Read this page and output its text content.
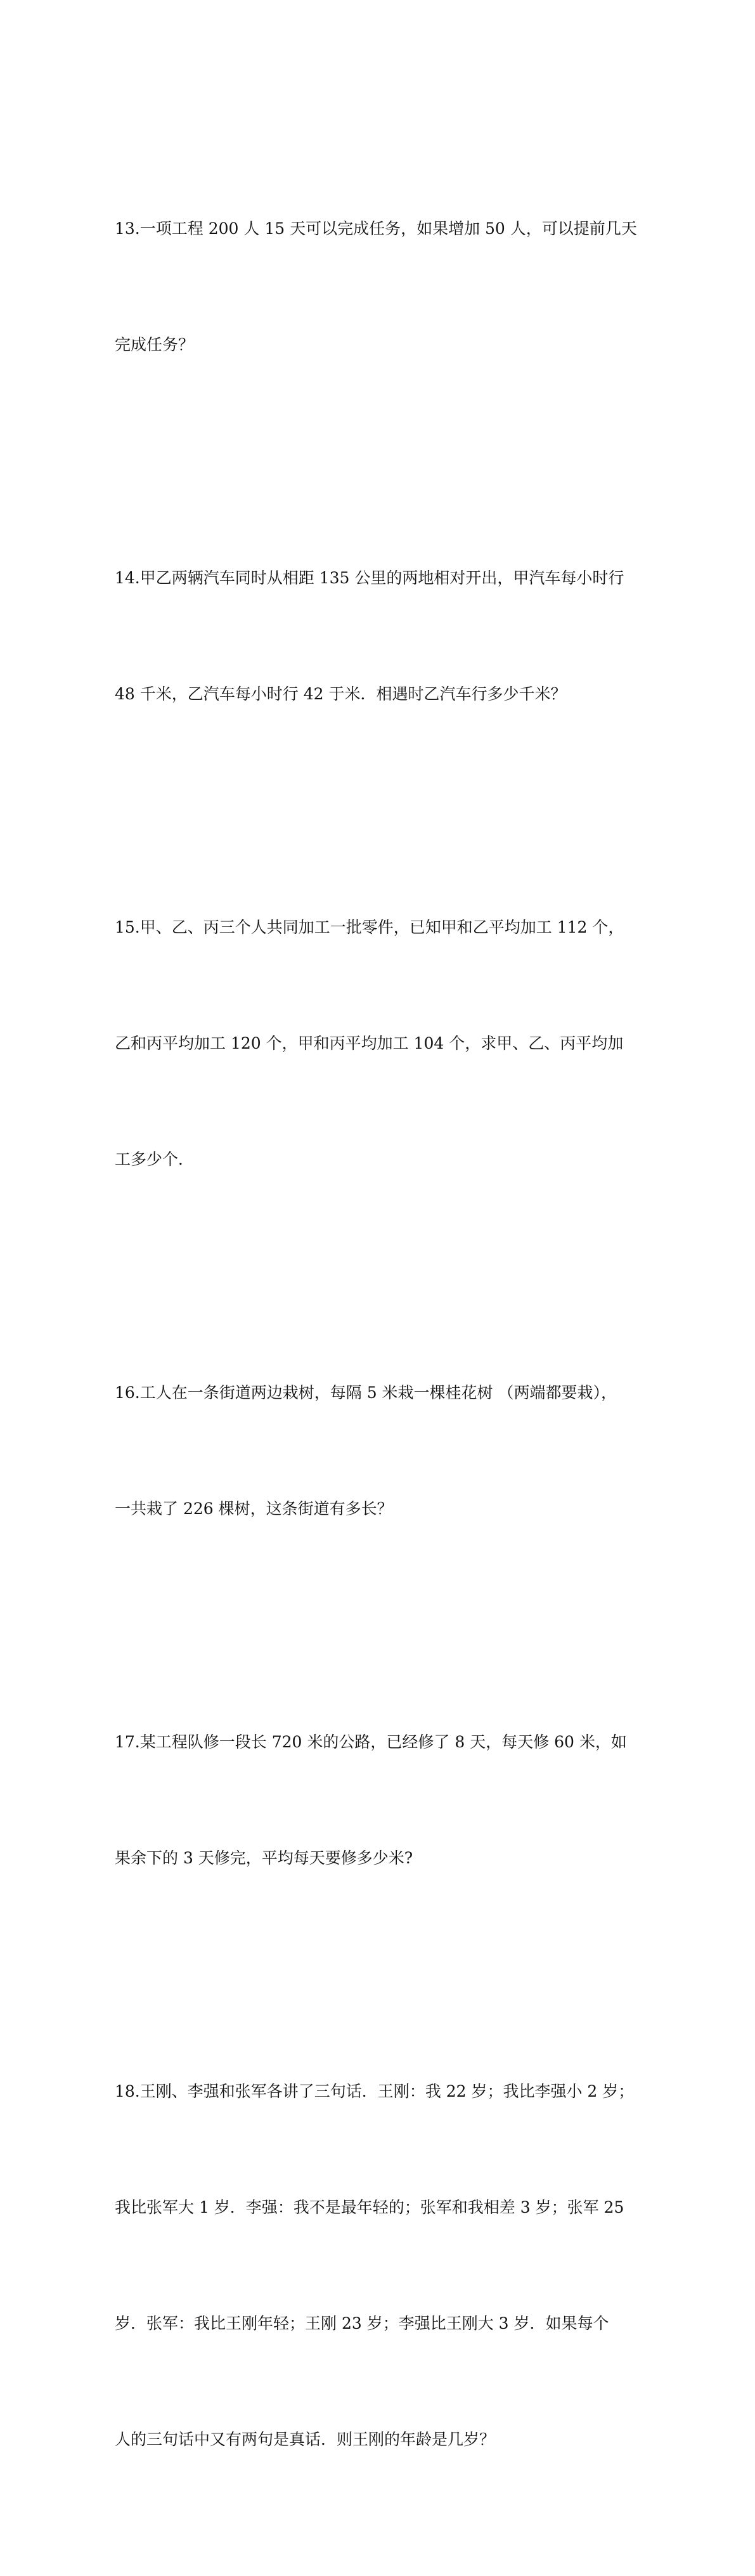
13.一项工程 200 人 15 天可以完成任务，如果增加 50 人，可以提前几天

完成任务？

14.甲乙两辆汽车同时从相距 135 公里的两地相对开出，甲汽车每小时行

48 千米，乙汽车每小时行 42 于米．相遇时乙汽车行多少千米？

15.甲、乙、丙三个人共同加工一批零件，已知甲和乙平均加工 112 个，

乙和丙平均加工 120 个，甲和丙平均加工 104 个，求甲、乙、丙平均加

工多少个．

16.工人在一条街道两边栽树，每隔 5 米栽一棵桂花树 （两端都要栽），

一共栽了 226 棵树，这条街道有多长？

17.某工程队修一段长 720 米的公路，已经修了 8 天，每天修 60 米，如

果余下的 3 天修完，平均每天要修多少米?

18.王刚、李强和张军各讲了三句话．王刚：我 22 岁；我比李强小 2 岁；

我比张军大 1 岁．李强：我不是最年轻的；张军和我相差 3 岁；张军 25

岁．张军：我比王刚年轻；王刚 23 岁；李强比王刚大 3 岁．如果每个

人的三句话中又有两句是真话．则王刚的年龄是几岁？
